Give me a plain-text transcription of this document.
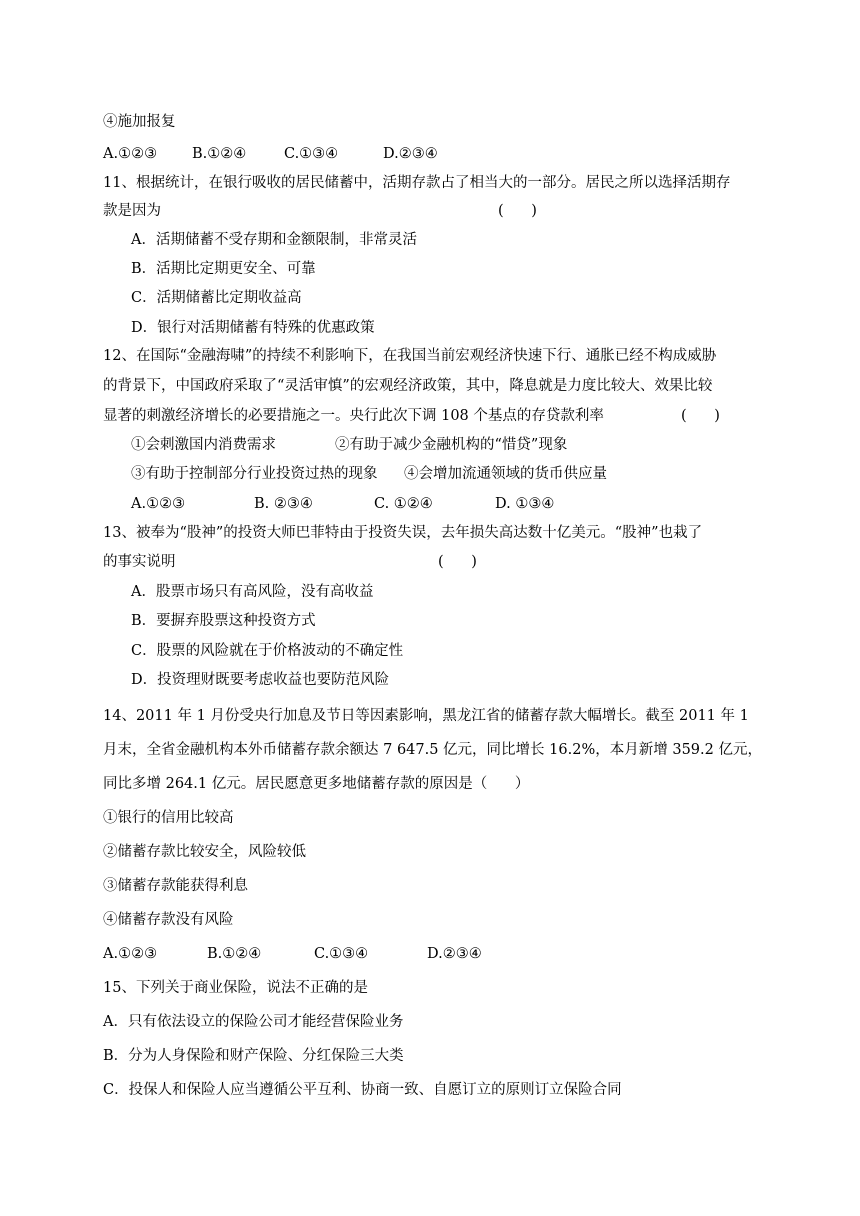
④施加报复
A.①②③ B.①②④	C.①③④	D.②③④
11、根据统计，在银行吸收的居民储蓄中，活期存款占了相当大的一部分。居民之所以选择活期存
款是因为	(      )
A．活期储蓄不受存期和金额限制，非常灵活
B．活期比定期更安全、可靠
C．活期储蓄比定期收益高
D．银行对活期储蓄有特殊的优惠政策
12、在国际“金融海啸”的持续不利影响下，在我国当前宏观经济快速下行、通胀已经不构成威胁
的背景下，中国政府采取了“灵活审慎”的宏观经济政策，其中，降息就是力度比较大、效果比较
显著的刺激经济增长的必要措施之一。央行此次下调 108 个基点的存贷款利率	(      )
①会刺激国内消费需求	②有助于减少金融机构的“惜贷”现象
③有助于控制部分行业投资过热的现象 ④会增加流通领域的货币供应量
A.①②③	B. ②③④	C. ①②④	D. ①③④
13、被奉为“股神”的投资大师巴菲特由于投资失误，去年损失高达数十亿美元。“股神”也栽了
的事实说明	(      )
A．股票市场只有高风险，没有高收益
B．要摒弃股票这种投资方式
C．股票的风险就在于价格波动的不确定性
D．投资理财既要考虑收益也要防范风险
14、2011 年 1 月份受央行加息及节日等因素影响，黑龙江省的储蓄存款大幅增长。截至 2011 年 1
月末，全省金融机构本外币储蓄存款余额达 7 647.5 亿元，同比增长 16.2%，本月新增 359.2 亿元，
同比多增 264.1 亿元。居民愿意更多地储蓄存款的原因是（      ）
①银行的信用比较高
②储蓄存款比较安全，风险较低
③储蓄存款能获得利息
④储蓄存款没有风险
A.①②③	B.①②④	C.①③④	D.②③④
15、下列关于商业保险，说法不正确的是
A．只有依法设立的保险公司才能经营保险业务
B．分为人身保险和财产保险、分红保险三大类
C．投保人和保险人应当遵循公平互利、协商一致、自愿订立的原则订立保险合同
